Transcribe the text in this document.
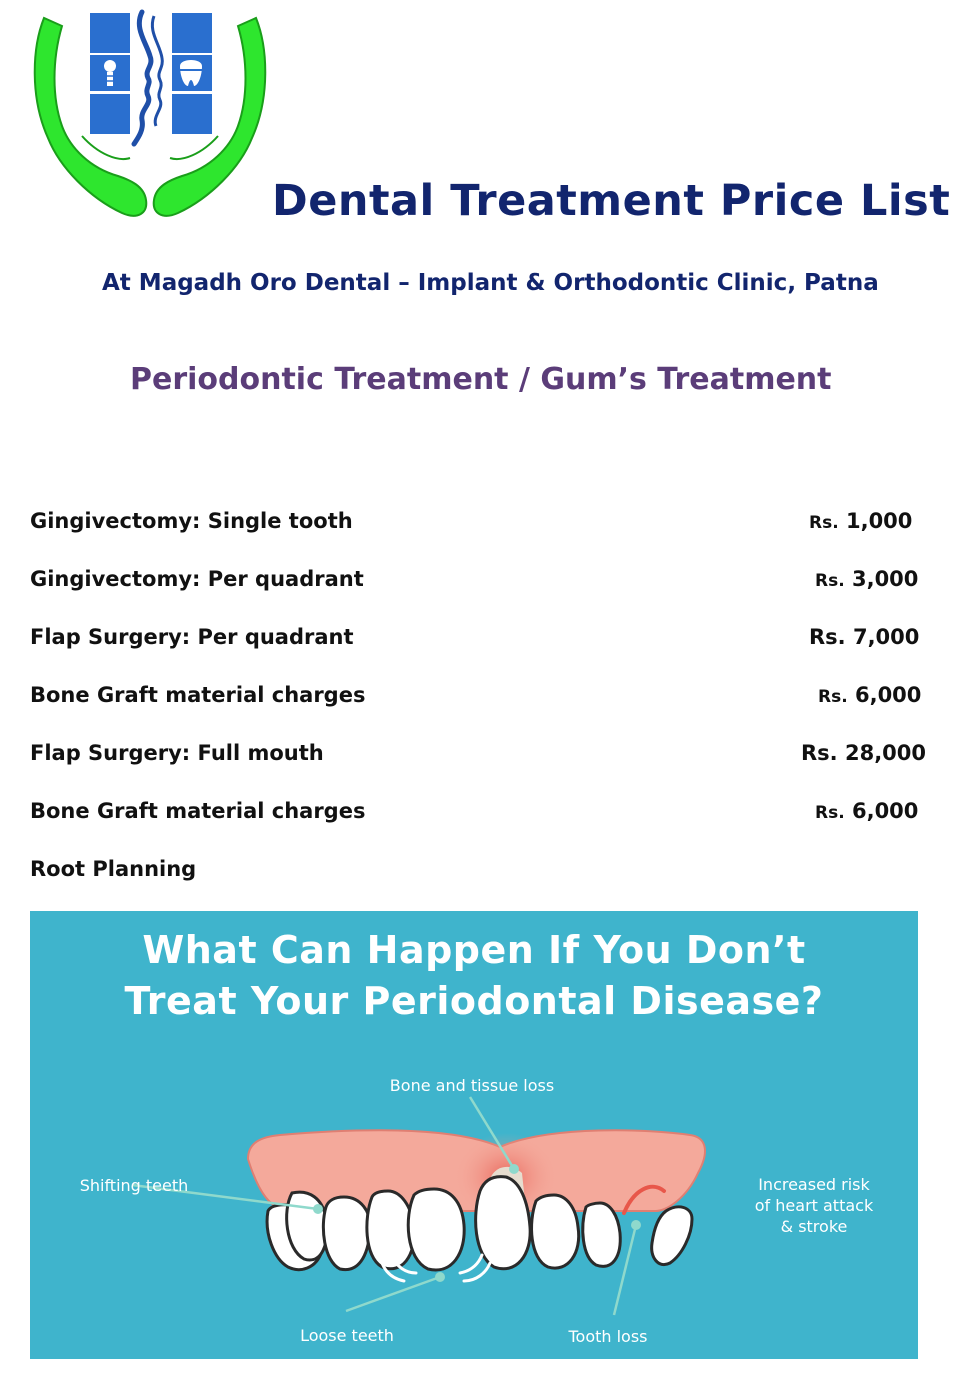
Dental Treatment Price List
At Magadh Oro Dental – Implant & Orthodontic Clinic, Patna
Periodontic Treatment / Gum’s Treatment
Gingivectomy: Single tooth	Rs. 1,000
Gingivectomy: Per quadrant	Rs. 3,000
Flap Surgery: Per quadrant	Rs. 7,000
Bone Graft material charges	Rs. 6,000
Flap Surgery: Full mouth	Rs. 28,000
Bone Graft material charges	Rs. 6,000
Root Planning
What Can Happen If You Don’t
Treat Your Periodontal Disease?
Bone and tissue loss
Shifting teeth	Increased risk
of heart attack
& stroke
Loose teeth	Tooth loss
